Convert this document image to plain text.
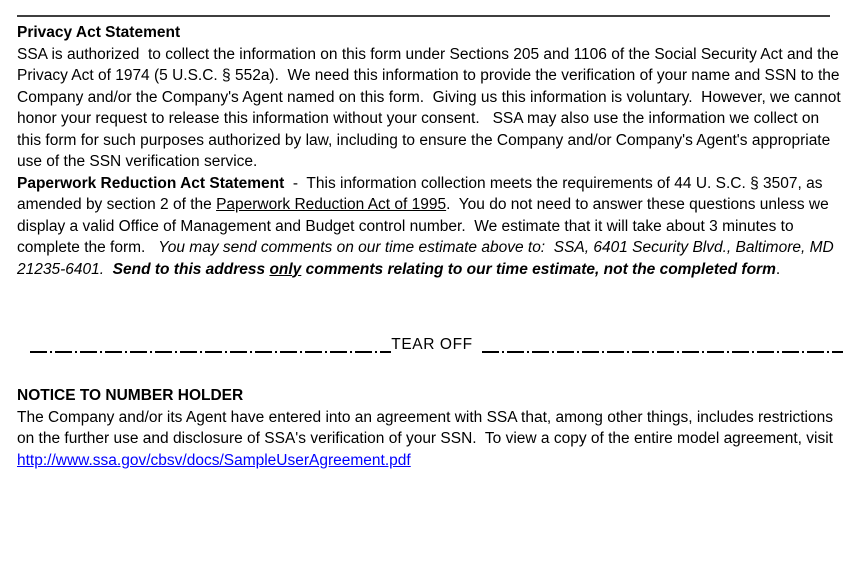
Privacy Act Statement

SSA is authorized  to collect the information on this form under Sections 205 and 1106 of the Social Security Act and the Privacy Act of 1974 (5 U.S.C. § 552a).  We need this information to provide the verification of your name and SSN to the Company and/or the Company's Agent named on this form.  Giving us this information is voluntary.  However, we cannot honor your request to release this information without your consent.   SSA may also use the information we collect on this form for such purposes authorized by law, including to ensure the Company and/or Company's Agent's appropriate use of the SSN verification service.

Paperwork Reduction Act Statement  -  This information collection meets the requirements of 44 U. S.C. § 3507, as amended by section 2 of the Paperwork Reduction Act of 1995.  You do not need to answer these questions unless we display a valid Office of Management and Budget control number.  We estimate that it will take about 3 minutes to complete the form.   You may send comments on our time estimate above to:  SSA, 6401 Security Blvd., Baltimore, MD  21235-6401.  Send to this address only comments relating to our time estimate, not the completed form.

TEAR OFF
NOTICE TO NUMBER HOLDER

The Company and/or its Agent have entered into an agreement with SSA that, among other things, includes restrictions on the further use and disclosure of SSA's verification of your SSN.  To view a copy of the entire model agreement, visit http://www.ssa.gov/cbsv/docs/SampleUserAgreement.pdf
